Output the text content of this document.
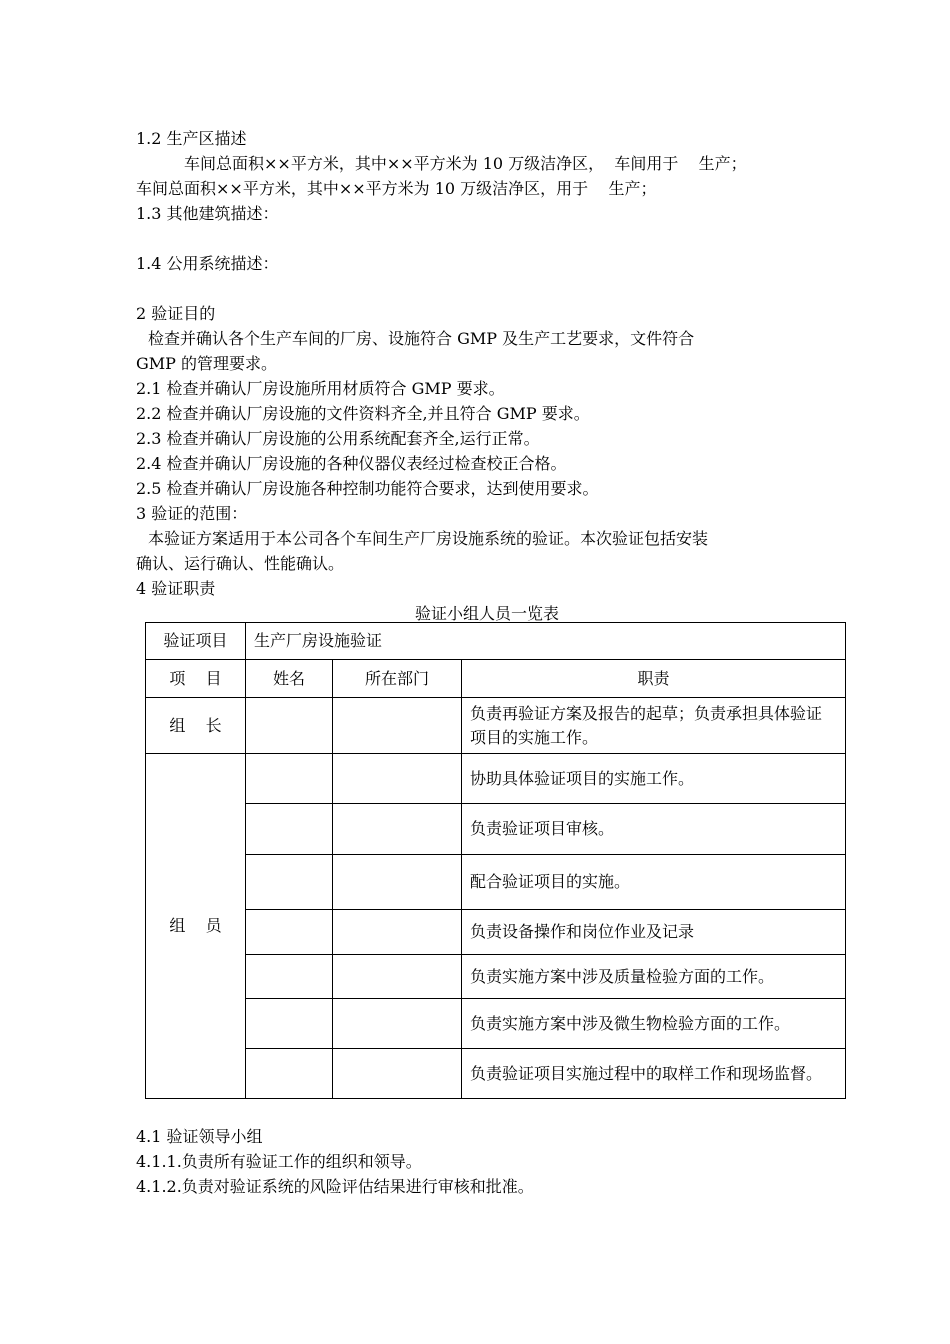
1.2 生产区描述

车间总面积××平方米，其中××平方米为 10 万级洁净区，  车间用于    生产；

车间总面积××平方米，其中××平方米为 10 万级洁净区，用于    生产；

1.3 其他建筑描述：

1.4 公用系统描述：

2 验证目的

检查并确认各个生产车间的厂房、设施符合 GMP 及生产工艺要求，文件符合

GMP 的管理要求。

2.1 检查并确认厂房设施所用材质符合 GMP 要求。

2.2 检查并确认厂房设施的文件资料齐全,并且符合 GMP 要求。

2.3 检查并确认厂房设施的公用系统配套齐全,运行正常。

2.4 检查并确认厂房设施的各种仪器仪表经过检查校正合格。

2.5 检查并确认厂房设施各种控制功能符合要求，达到使用要求。

3 验证的范围：

本验证方案适用于本公司各个车间生产厂房设施系统的验证。本次验证包括安装

确认、运行确认、性能确认。

4 验证职责

验证小组人员一览表

验证项目	生产厂房设施验证		
项    目	姓名	所在部门	职责
组    长			负责再验证方案及报告的起草；负责承担具体验证项目的实施工作。
组    员			协助具体验证项目的实施工作。
			负责验证项目审核。
			配合验证项目的实施。
			负责设备操作和岗位作业及记录
			负责实施方案中涉及质量检验方面的工作。
			负责实施方案中涉及微生物检验方面的工作。
			负责验证项目实施过程中的取样工作和现场监督。

4.1 验证领导小组

4.1.1.负责所有验证工作的组织和领导。

4.1.2.负责对验证系统的风险评估结果进行审核和批准。
